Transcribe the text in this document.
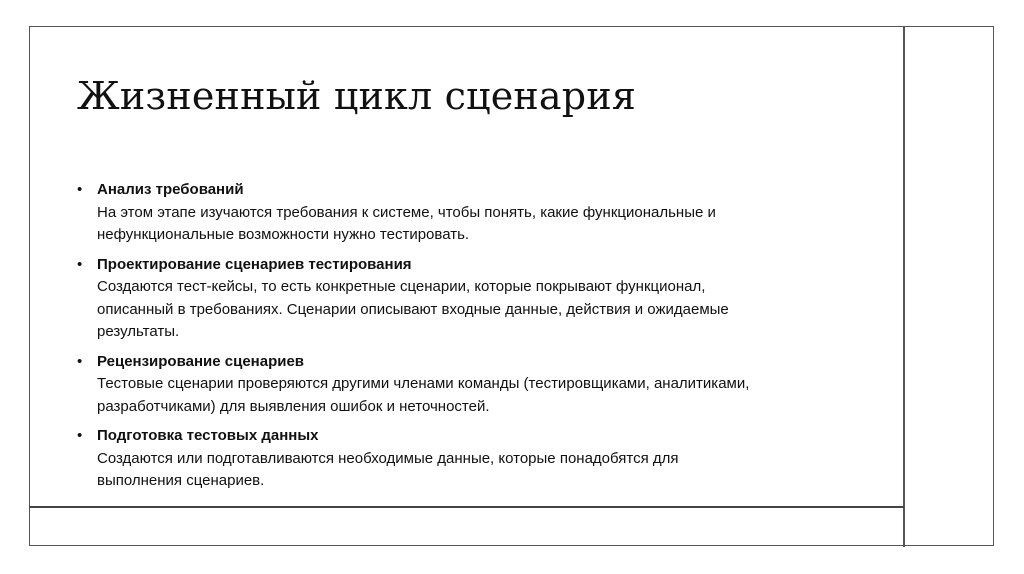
Жизненный цикл сценария
• Анализ требований
На этом этапе изучаются требования к системе, чтобы понять, какие функциональные и
нефункциональные возможности нужно тестировать.
• Проектирование сценариев тестирования
Создаются тест-кейсы, то есть конкретные сценарии, которые покрывают функционал,
описанный в требованиях. Сценарии описывают входные данные, действия и ожидаемые
результаты.
• Рецензирование сценариев
Тестовые сценарии проверяются другими членами команды (тестировщиками, аналитиками,
разработчиками) для выявления ошибок и неточностей.
• Подготовка тестовых данных
Создаются или подготавливаются необходимые данные, которые понадобятся для
выполнения сценариев.
